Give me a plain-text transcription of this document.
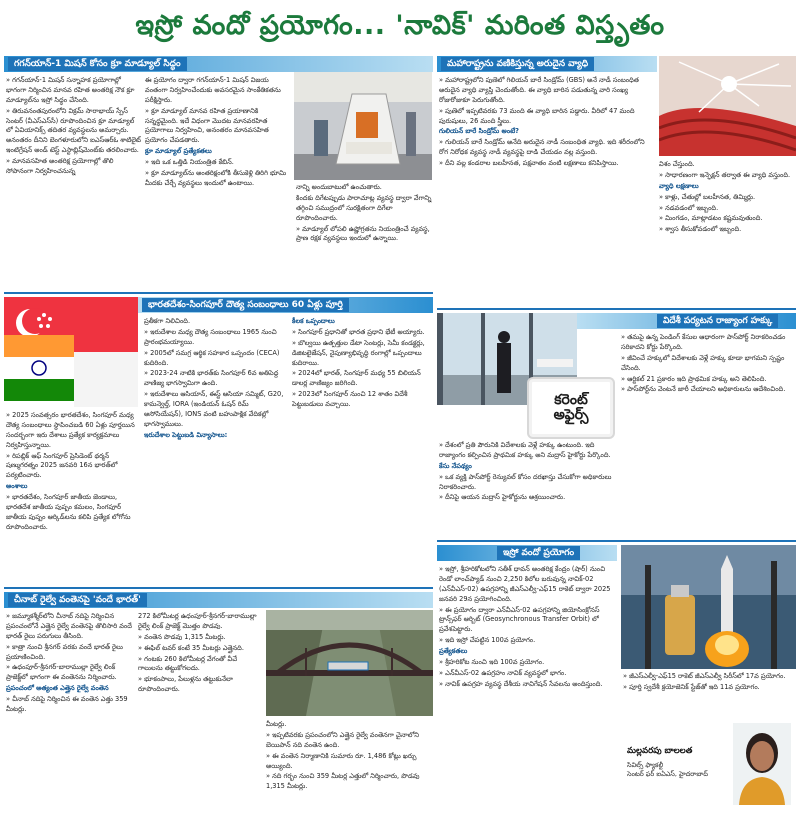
ఇస్రో వందో ప్రయోగం... 'నావిక్' మరింత విస్తృతం
గగన్‌యాన్-1 మిషన్ కోసం క్రూ మాడ్యూల్ సిద్ధం

» గగన్‌యాన్-1 మిషన్ సన్నాహక ప్రయోగాల్లో భాగంగా నిర్మించిన మానవ రహిత అంతరిక్ష నౌక క్రూ మాడ్యూల్‌ను ఇస్రో సిద్ధం చేసింది.

» తిరువనంతపురంలోని విక్రమ్ సారాభాయ్ స్పేస్ సెంటర్ (వీఎస్ఎస్‌సీ) రూపొందించిన క్రూ మాడ్యూల్ లో ఏవియానిక్స్ తదితర వ్యవస్థలను అమర్చారు. అనంతరం దీనిని బెంగళూరులోని ఐఎస్‌ఆర్‌ఓ శాటిలైట్ ఇంటిగ్రేషన్ అండ్ టెస్ట్ ఎస్టాబ్లిష్‌మెంట్‌కు తరలించారు.

» మానవసహిత అంతరిక్ష ప్రయోగాల్లో తొలి సోపానంగా నిర్వహించనున్న

ఈ ప్రయోగం ద్వారా గగన్‌యాన్-1 మిషన్ విజయ వంతంగా నిర్వహించేందుకు అవసరమైన సాంకేతికతను పరీక్షిస్తారు.

» క్రూ మాడ్యూల్ మానవ రహిత ప్రయాణానికి సన్నద్ధమైంది. ఇదే విధంగా మొదట మానవరహిత ప్రయోగాలు నిర్వహించి, అనంతరం మానవసహిత ప్రయోగం చేపడతారు.

క్రూ మాడ్యూల్ ప్రత్యేకతలు

» ఇది ఒక ఒత్తిడి నియంత్రిత కేబిన్.

» క్రూ మాడ్యూల్‌ను అంతరిక్షంలోకి తీసుకెళ్లి తిరిగి భూమి మీదకు చేర్చే వ్యవస్థలు ఇందులో ఉంటాయి.

నాన్ని అందుబాటులో ఉంచుతారు.

కిందకు దిగేటప్పుడు పారాచూట్ల వ్యవస్థ ద్వారా వేగాన్ని తగ్గించి సముద్రంలో సురక్షితంగా దిగేలా రూపొందించారు.

» మాడ్యూల్ లోపలి ఉష్ణోగ్రతను నియంత్రించే వ్యవస్థ, ప్రాణ రక్షక వ్యవస్థలు ఇందులో ఉన్నాయి.

భారతదేశం-సింగపూర్ దౌత్య సంబంధాలు 60 ఏళ్లు పూర్తి

» 2025 సంవత్సరం భారతదేశం, సింగపూర్ మధ్య దౌత్య సంబంధాలు స్థాపించబడి 60 ఏళ్లు పూర్తయిన సందర్భంగా ఇరు దేశాలు ప్రత్యేక కార్యక్రమాలు నిర్వహిస్తున్నాయి.

» రిపబ్లిక్ ఆఫ్ సింగపూర్ ప్రెసిడెంట్ థర్మన్ షణ్ముగరత్నం 2025 జనవరి 16న భారత్‌లో పర్యటించారు.

అంశాలు

» భారతదేశం, సింగపూర్ జాతీయ జెండాలు, భారతదేశ జాతీయ పుష్పం కమలం, సింగపూర్ జాతీయ పుష్పం ఆర్కిడ్‌లను కలిపి ప్రత్యేక లోగోను రూపొందించారు.

ప్రతీకగా నిలిచింది.

» ఇరుదేశాల మధ్య దౌత్య సంబంధాలు 1965 నుంచి ప్రారంభమయ్యాయి.

» 2005లో సమగ్ర ఆర్థిక సహకార ఒప్పందం (CECA) కుదిరింది.

» 2023-24 నాటికి భారత్‌కు సింగపూర్ 6వ అతిపెద్ద వాణిజ్య భాగస్వామిగా ఉంది.

» ఇరుదేశాలు ఆసియాన్, ఈస్ట్ ఆసియా సమ్మిట్, G20, కామన్వెల్త్, IORA (ఇండియన్ ఓషన్ రిమ్ అసోసియేషన్), IONS వంటి బహుపాక్షిక వేదికల్లో భాగస్వాములు.

ఇరుదేశాల పెట్టుబడి విన్యాసాలు:

కీలక ఒప్పందాలు

» సింగపూర్ ప్రధానితో భారత ప్రధాని భేటీ అయ్యారు.

» బొల్వయి ఉత్పత్తుల డేటా సెంటర్లు, సెమీ కండక్టర్లు, డిజిటలైజేషన్, నైపుణ్యాభివృద్ధి రంగాల్లో ఒప్పందాలు కుదిరాయి.

» 2024లో భారత్, సింగపూర్ మధ్య 55 బిలియన్ డాలర్ల వాణిజ్యం జరిగింది.

» 2023లో సింగపూర్ నుంచి 12 శాతం విదేశీ పెట్టుబడులు వచ్చాయి.

చీనాబ్ రైల్వే వంతెనపై 'వందే భారత్'

» జమ్మూకశ్మీర్‌లోని చీనాబ్ నదిపై నిర్మించిన ప్రపంచంలోనే ఎత్తైన రైల్వే వంతెనపై తొలిసారి వందే భారత్ రైలు పరుగులు తీసింది.

» కాత్రా నుంచి శ్రీనగర్ వరకు వందే భారత్ రైలు ప్రయాణించింది.

» ఉధంపూర్-శ్రీనగర్-బారాముల్లా రైల్వే లింక్ ప్రాజెక్ట్‌లో భాగంగా ఈ వంతెనను నిర్మించారు.

ప్రపంచంలో అత్యంత ఎత్తైన రైల్వే వంతెన

» చీనాబ్ నదిపై నిర్మించిన ఈ వంతెన ఎత్తు 359 మీటర్లు.

272 కిలోమీటర్ల ఉధంపూర్-శ్రీనగర్-బారాముల్లా రైల్వే లింక్ ప్రాజెక్ట్ మొత్తం పొడవు.

» వంతెన పొడవు 1,315 మీటర్లు.

» ఈఫిల్ టవర్ కంటే 35 మీటర్లు ఎత్తైనది.

» గంటకు 260 కిలోమీటర్ల వేగంతో వీచే గాలులను తట్టుకోగలదు.

» భూకంపాలు, పేలుళ్లను తట్టుకునేలా రూపొందించారు.

మీటర్లు.

» ఇప్పటివరకు ప్రపంచంలోని ఎత్తైన రైల్వే వంతెనగా చైనాలోని బెయిపాన్ నది వంతెన ఉంది.

» ఈ వంతెన నిర్మాణానికి సుమారు రూ. 1,486 కోట్లు ఖర్చు అయ్యింది.

» నది గర్భం నుంచి 359 మీటర్ల ఎత్తులో నిర్మించారు, పొడవు 1,315 మీటర్లు.

మహారాష్ట్రను వణికిస్తున్న అరుదైన వ్యాధి

» మహారాష్ట్రలోని పుణెలో గిలియన్ బారే సిండ్రోమ్ (GBS) అనే నాడీ సంబంధిత అరుదైన వ్యాధి వ్యాప్తి చెందుతోంది. ఈ వ్యాధి బారిన పడుతున్న వారి సంఖ్య రోజురోజుకూ పెరుగుతోంది.

» పుణెలో ఇప్పటివరకు 73 మంది ఈ వ్యాధి బారిన పడ్డారు. వీరిలో 47 మంది పురుషులు, 26 మంది స్త్రీలు.

గులియన్ బారే సిండ్రోమ్ అంటే?

» గులియన్ బారే సిండ్రోమ్ అనేది అరుదైన నాడీ సంబంధిత వ్యాధి. ఇది శరీరంలోని రోగ నిరోధక వ్యవస్థ నాడీ వ్యవస్థపై దాడి చేయడం వల్ల వస్తుంది.

» దీని వల్ల కండరాల బలహీనత, పక్షవాతం వంటి లక్షణాలు కనిపిస్తాయి.	విశం చేస్తుంది.

» సాధారణంగా ఇన్ఫెక్షన్ తర్వాత ఈ వ్యాధి వస్తుంది.

వ్యాధి లక్షణాలు

» కాళ్లు, చేతుల్లో బలహీనత, తిమ్మిర్లు.

» నడవడంలో ఇబ్బంది.

» మింగడం, మాట్లాడటం కష్టమవుతుంది.

» శ్వాస తీసుకోవడంలో ఇబ్బంది.

విదేశీ పర్యటన రాజ్యాంగ హక్కు
కరెంట్
అఫైర్స్

» దేశంలో ప్రతి పౌరునికి విదేశాలకు వెళ్లే హక్కు ఉంటుంది. ఇది రాజ్యాంగం కల్పించిన ప్రాథమిక హక్కు అని మద్రాస్ హైకోర్టు పేర్కొంది.

కేసు నేపథ్యం

» ఒక వ్యక్తి పాస్‌పోర్ట్ రెన్యువల్ కోసం దరఖాస్తు చేసుకోగా అధికారులు నిరాకరించారు.

» దీనిపై ఆయన మద్రాస్ హైకోర్టును ఆశ్రయించారు.

» తమపై ఉన్న పెండింగ్ కేసుల ఆధారంగా పాస్‌పోర్ట్ నిరాకరించడం సరికాదని కోర్టు పేర్కొంది.

» జీవించే హక్కులో విదేశాలకు వెళ్లే హక్కు కూడా భాగమని స్పష్టం చేసింది.

» ఆర్టికల్ 21 ప్రకారం ఇది ప్రాథమిక హక్కు అని తెలిపింది.

» పాస్‌పోర్ట్‌ను వెంటనే జారీ చేయాలని అధికారులను ఆదేశించింది.

ఇస్రో వందో ప్రయోగం

» ఇస్రో, శ్రీహరికోటలోని సతీశ్ ధావన్ అంతరిక్ష కేంద్రం (షార్) నుంచి రెండో లాంచ్‌ప్యాడ్ నుంచి 2,250 కిలోల బరువున్న నావిక్-02 (ఎన్‌వీఎస్-02) ఉపగ్రహాన్ని జీఎస్ఎల్వీ-ఎఫ్15 రాకెట్ ద్వారా 2025 జనవరి 29న ప్రయోగించింది.

» ఈ ప్రయోగం ద్వారా ఎన్‌వీఎస్-02 ఉపగ్రహాన్ని జియోసింక్రోనస్ ట్రాన్స్‌ఫర్ ఆర్బిట్ (Geosynchronous Transfer Orbit) లో ప్రవేశపెట్టారు.

» ఇది ఇస్రో చేపట్టిన 100వ ప్రయోగం.

ప్రత్యేకతలు

» శ్రీహరికోట నుంచి ఇది 100వ ప్రయోగం.

» ఎన్‌వీఎస్-02 ఉపగ్రహం నావిక్ వ్యవస్థలో భాగం.

» నావిక్ ఉపగ్రహ వ్యవస్థ దేశీయ నావిగేషన్ సేవలను అందిస్తుంది.

» జీఎస్ఎల్వీ-ఎఫ్15 రాకెట్ జీఎస్ఎల్వీ సిరీస్‌లో 17వ ప్రయోగం.

» పూర్తి స్వదేశీ క్రయోజెనిక్ స్టేజ్‌తో ఇది 11వ ప్రయోగం.

మల్లవరపు బాలలత
సివిల్స్ ఫ్యాకల్టీ
సెంటర్ ఫర్ ఐఏఎస్, హైదరాబాద్
